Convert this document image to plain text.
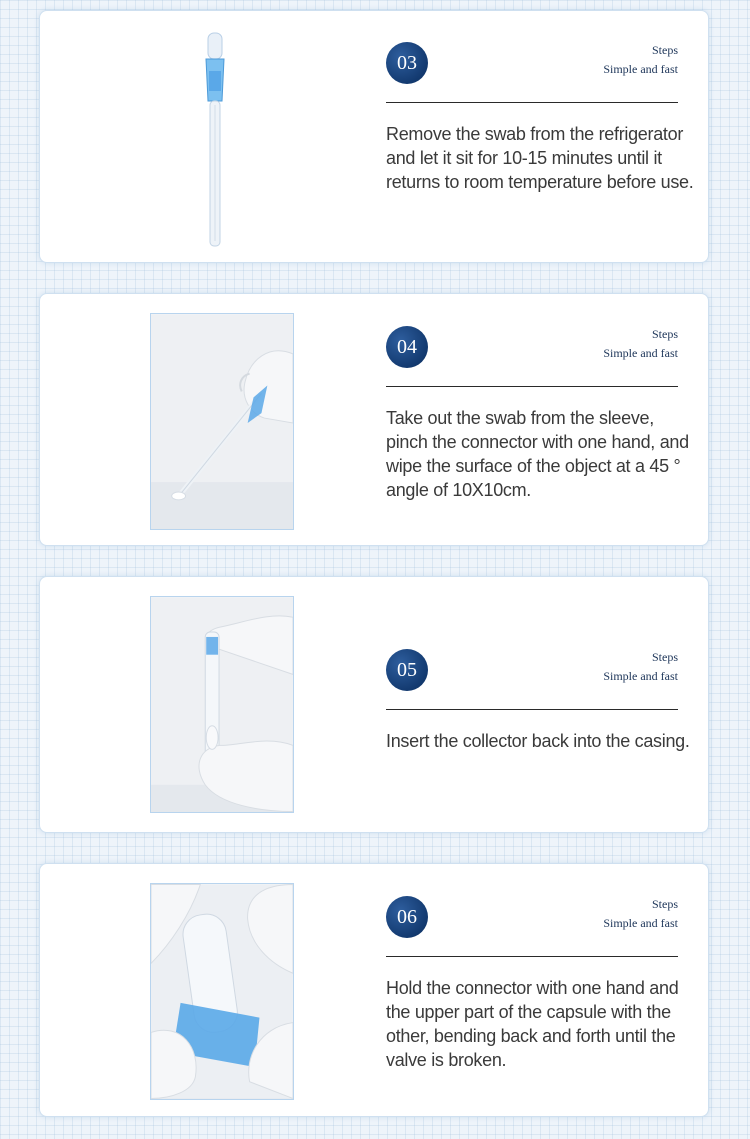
03
Steps
Simple and fast
Remove the swab from the refrigerator and let it sit for 10-15 minutes until it returns to room temperature before use.
04
Steps
Simple and fast
Take out the swab from the sleeve, pinch the connector with one hand, and wipe the surface of the object at a 45 ° angle of 10X10cm.
05
Steps
Simple and fast
Insert the collector back into the casing.
06
Steps
Simple and fast
Hold the connector with one hand and the upper part of the capsule with the other, bending back and forth until the valve is broken.
